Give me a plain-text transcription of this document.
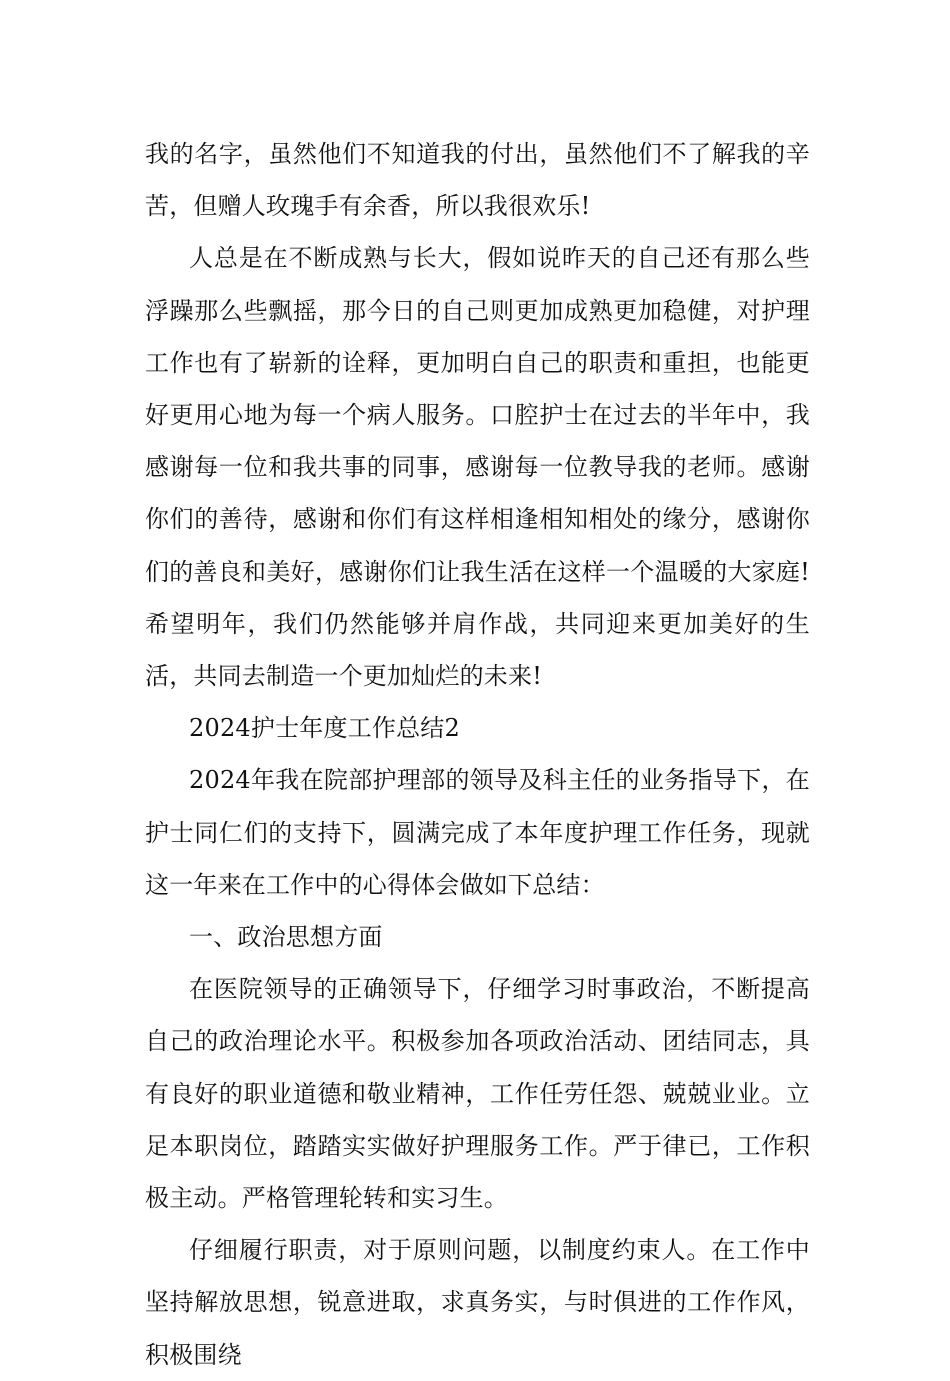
我的名字，虽然他们不知道我的付出，虽然他们不了解我的辛苦，但赠人玫瑰手有余香，所以我很欢乐!

人总是在不断成熟与长大，假如说昨天的自己还有那么些浮躁那么些飘摇，那今日的自己则更加成熟更加稳健，对护理工作也有了崭新的诠释，更加明白自己的职责和重担，也能更好更用心地为每一个病人服务。口腔护士在过去的半年中，我感谢每一位和我共事的同事，感谢每一位教导我的老师。感谢你们的善待，感谢和你们有这样相逢相知相处的缘分，感谢你们的善良和美好，感谢你们让我生活在这样一个温暖的大家庭!希望明年，我们仍然能够并肩作战，共同迎来更加美好的生活，共同去制造一个更加灿烂的未来!

2024护士年度工作总结2

2024年我在院部护理部的领导及科主任的业务指导下，在护士同仁们的支持下，圆满完成了本年度护理工作任务，现就这一年来在工作中的心得体会做如下总结：

一、政治思想方面

在医院领导的正确领导下，仔细学习时事政治，不断提高自己的政治理论水平。积极参加各项政治活动、团结同志，具有良好的职业道德和敬业精神，工作任劳任怨、兢兢业业。立足本职岗位，踏踏实实做好护理服务工作。严于律已，工作积极主动。严格管理轮转和实习生。

仔细履行职责，对于原则问题，以制度约束人。在工作中坚持解放思想，锐意进取，求真务实，与时俱进的工作作风，积极围绕
